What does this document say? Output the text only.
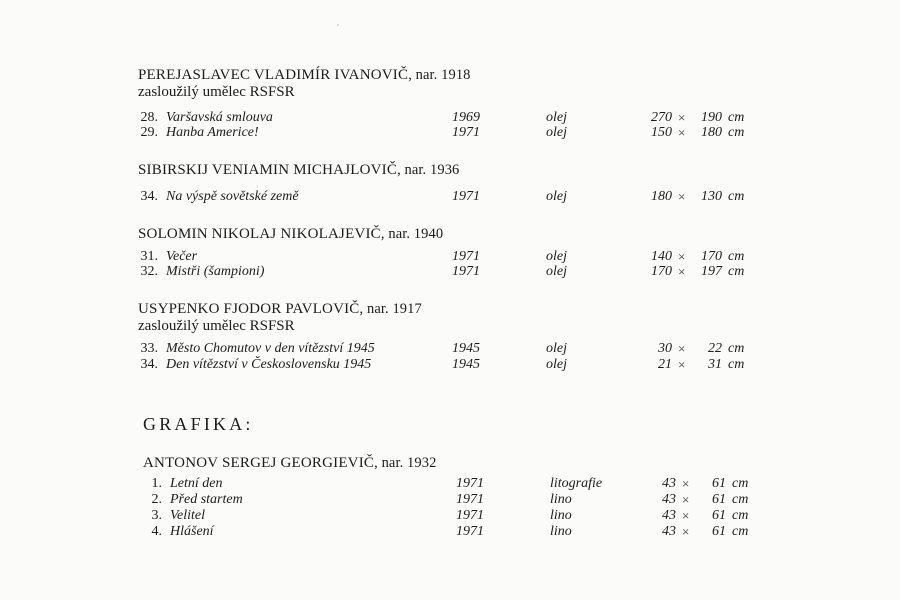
PEREJASLAVEC VLADIMÍR IVANOVIČ, nar. 1918
zasloužilý umělec RSFSR
28. Varšavská smlouva	1969	olej	270 ×	190 cm
29. Hanba Americe!	1971	olej	150 ×	180 cm
SIBIRSKIJ VENIAMIN MICHAJLOVIČ, nar. 1936
34. Na výspě sovětské země	1971	olej	180 ×	130 cm
SOLOMIN NIKOLAJ NIKOLAJEVIČ, nar. 1940
31. Večer	1971	olej	140 ×	170 cm
32. Mistři (šampioni)	1971	olej	170 ×	197 cm
USYPENKO FJODOR PAVLOVIČ, nar. 1917
zasloužilý umělec RSFSR
33. Město Chomutov v den vítězství 1945	1945	olej	30 ×	22 cm
34. Den vítězství v Československu 1945	1945	olej	21 ×	31 cm
GRAFIKA:
ANTONOV SERGEJ GEORGIEVIČ, nar. 1932
1. Letní den	1971	litografie	43 ×	61 cm
2. Před startem	1971	lino	43 ×	61 cm
3. Velitel	1971	lino	43 ×	61 cm
4. Hlášení	1971	lino	43 ×	61 cm
